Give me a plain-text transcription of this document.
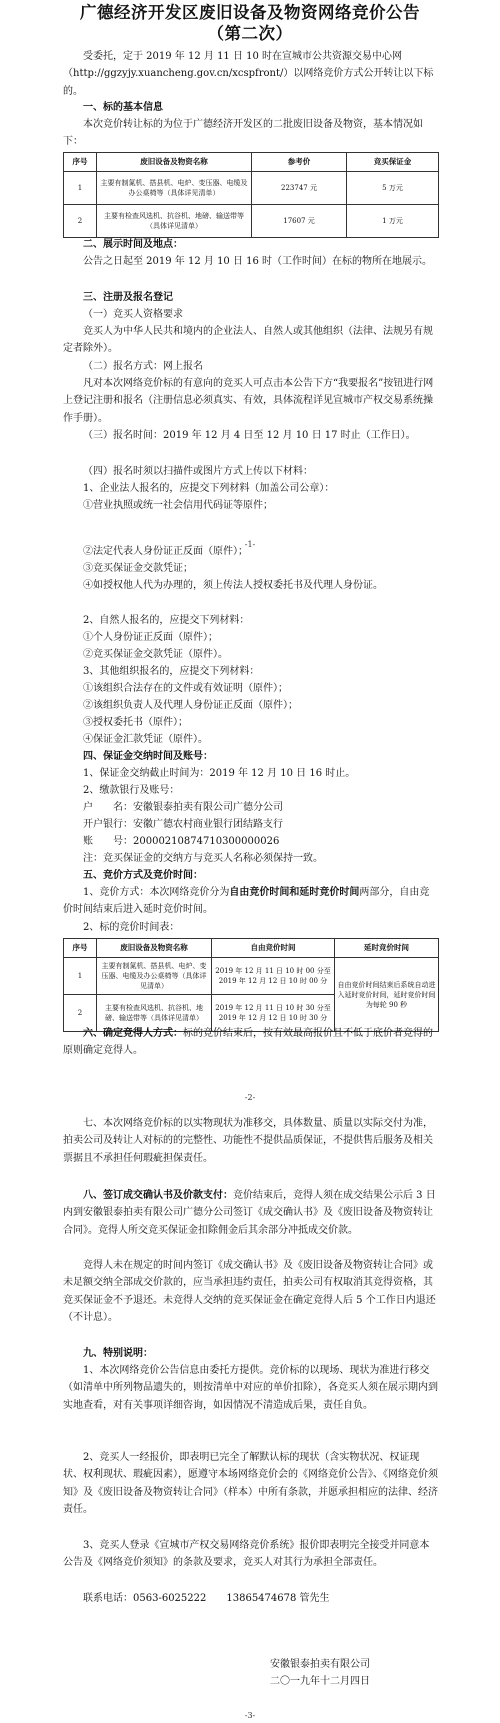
广德经济开发区废旧设备及物资网络竞价公告
（第二次）
受委托，定于 2019 年 12 月 11 日 10 时在宣城市公共资源交易中心网（http://ggzyjy.xuancheng.gov.cn/xcspfront/）以网络竞价方式公开转让以下标的。
一、标的基本信息
本次竞价转让标的为位于广德经济开发区的二批废旧设备及物资，基本情况如下：
序号	废旧设备及物资名称	参考价	竞买保证金
1	主要有制氮机、搭县机、电炉、变压器、电缆及办公桌椅等（具体详见清单）	223747 元	5 万元
2	主要有检查风选机、抗谷机、地磅、输送带等（具体详见清单）	17607 元	1 万元
二、展示时间及地点：
公告之日起至 2019 年 12 月 10 日 16 时（工作时间）在标的物所在地展示。
三、注册及报名登记
（一）竞买人资格要求
竞买人为中华人民共和境内的企业法人、自然人或其他组织（法律、法规另有规定者除外）。
（二）报名方式：网上报名
凡对本次网络竞价标的有意向的竞买人可点击本公告下方“我要报名”按钮进行网上登记注册和报名（注册信息必须真实、有效，具体流程详见宣城市产权交易系统操作手册）。
（三）报名时间：2019 年 12 月 4 日至 12 月 10 日 17 时止（工作日）。
（四）报名时须以扫描件或图片方式上传以下材料：
1、企业法人报名的，应提交下列材料（加盖公司公章）：
①营业执照或统一社会信用代码证等原件；
-1-
②法定代表人身份证正反面（原件）；
③竞买保证金交款凭证；
④如授权他人代为办理的，须上传法人授权委托书及代理人身份证。
2、自然人报名的，应提交下列材料：
①个人身份证正反面（原件）；
②竞买保证金交款凭证（原件）。
3、其他组织报名的，应提交下列材料：
①该组织合法存在的文件或有效证明（原件）；
②该组织负责人及代理人身份证正反面（原件）；
③授权委托书（原件）；
④保证金汇款凭证（原件）。
四、保证金交纳时间及账号：
1、保证金交纳截止时间为：2019 年 12 月 10 日 16 时止。
2、缴款银行及账号：
户　　名：安徽银泰拍卖有限公司广德分公司
开户银行：安徽广德农村商业银行团结路支行
账　　号：20000210874710300000026
注：竞买保证金的交纳方与竞买人名称必须保持一致。
五、竞价方式及竞价时间：
1、竞价方式：本次网络竞价分为自由竞价时间和延时竞价时间两部分，自由竞价时间结束后进入延时竞价时间。
2、标的竞价时间表：
序号	废旧设备及物资名称	自由竞价时间	延时竞价时间
1	主要有制氮机、搭县机、电炉、变压器、电缆及办公桌椅等（具体详见清单）	2019 年 12 月 11 日 10 时 00 分至 2019 年 12 月 12 日 10 时 00 分	自由竞价时间结束后系统自动进入延时竞价时间，延时竞价时间为每轮 90 秒
2	主要有检查风选机、抗谷机、地磅、输送带等（具体详见清单）	2019 年 12 月 11 日 10 时 30 分至 2019 年 12 月 12 日 10 时 30 分	
六、确定竞得人方式：标的竞价结束后，按有效最高报价且不低于底价者竞得的原则确定竞得人。
-2-
七、本次网络竞价标的以实物现状为准移交，具体数量、质量以实际交付为准，拍卖公司及转让人对标的的完整性、功能性不提供品质保证，不提供售后服务及相关票据且不承担任何瑕疵担保责任。
八、签订成交确认书及价款支付：竞价结束后，竞得人须在成交结果公示后 3 日内到安徽银泰拍卖有限公司广德分公司签订《成交确认书》及《废旧设备及物资转让合同》。竞得人所交竞买保证金扣除佣金后其余部分冲抵成交价款。
竞得人未在规定的时间内签订《成交确认书》及《废旧设备及物资转让合同》或未足额交纳全部成交价款的，应当承担违约责任，拍卖公司有权取消其竞得资格，其竞买保证金不予退还。未竞得人交纳的竞买保证金在确定竞得人后 5 个工作日内退还（不计息）。
九、特别说明：
1、本次网络竞价公告信息由委托方提供。竞价标的以现场、现状为准进行移交（如清单中所列物品遗失的，则按清单中对应的单价扣除），各竞买人须在展示期内到实地查看，对有关事项详细咨询，如因情况不清造成后果，责任自负。
2、竞买人一经报价，即表明已完全了解默认标的现状（含实物状况、权证现状、权利现状、瑕疵因素），愿遵守本场网络竞价会的《网络竞价公告》、《网络竞价须知》及《废旧设备及物资转让合同》（样本）中所有条款，并愿承担相应的法律、经济责任。
3、竞买人登录《宣城市产权交易网络竞价系统》报价即表明完全接受并同意本公告及《网络竞价须知》的条款及要求，竞买人对其行为承担全部责任。
联系电话：0563-6025222　　13865474678 管先生
安徽银泰拍卖有限公司
二〇一九年十二月四日
-3-
